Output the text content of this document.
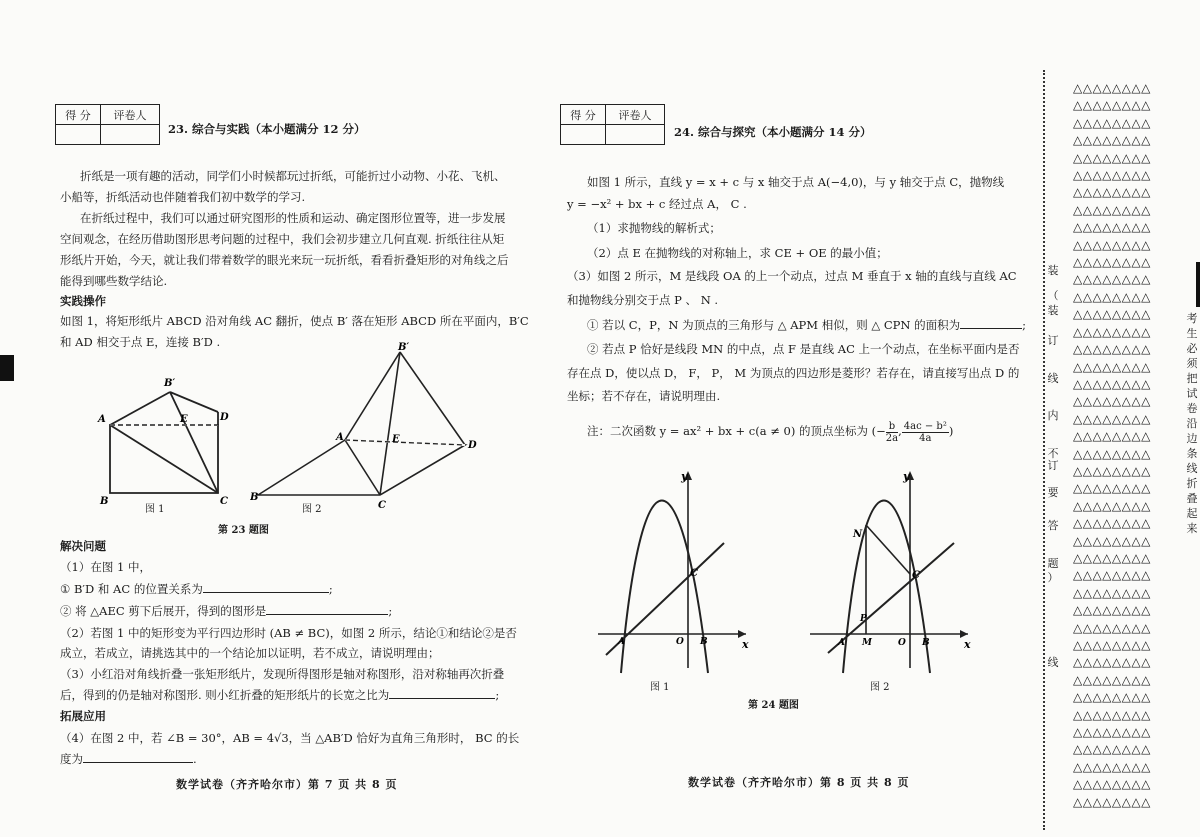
得 分	评卷人

23. 综合与实践（本小题满分 12 分）
折纸是一项有趣的活动，同学们小时候都玩过折纸，可能折过小动物、小花、飞机、
小船等，折纸活动也伴随着我们初中数学的学习.
在折纸过程中，我们可以通过研究图形的性质和运动、确定图形位置等，进一步发展
空间观念，在经历借助图形思考问题的过程中，我们会初步建立几何直观. 折纸往往从矩
形纸片开始，今天，就让我们带着数学的眼光来玩一玩折纸，看看折叠矩形的对角线之后
能得到哪些数学结论.
实践操作
如图 1，将矩形纸片 ABCD 沿对角线 AC 翻折，使点 B′ 落在矩形 ABCD 所在平面内，B′C
和 AD 相交于点 E，连接 B′D .
B′
A	E	D
B	C
图 1
B′
A	E
D
B
C
图 2
第 23 题图
解决问题
（1）在图 1 中，
① B′D 和 AC 的位置关系为	;
② 将 △AEC 剪下后展开，得到的图形是	;
（2）若图 1 中的矩形变为平行四边形时 (AB ≠ BC)，如图 2 所示，结论①和结论②是否
成立，若成立，请挑选其中的一个结论加以证明，若不成立，请说明理由；
（3）小红沿对角线折叠一张矩形纸片，发现所得图形是轴对称图形，沿对称轴再次折叠
后，得到的仍是轴对称图形. 则小红折叠的矩形纸片的长宽之比为	;
拓展应用
（4）在图 2 中，若 ∠B = 30°，AB = 4√3，当 △AB′D 恰好为直角三角形时， BC 的长
度为	.
数学试卷（齐齐哈尔市）第 7 页 共 8 页
得 分	评卷人

24. 综合与探究（本小题满分 14 分）
如图 1 所示，直线 y = x + c 与 x 轴交于点 A(−4,0)，与 y 轴交于点 C，抛物线
y = −x² + bx + c 经过点 A， C .
（1）求抛物线的解析式；
（2）点 E 在抛物线的对称轴上，求 CE + OE 的最小值；
（3）如图 2 所示，M 是线段 OA 的上一个动点，过点 M 垂直于 x 轴的直线与直线 AC
和抛物线分别交于点 P 、 N .
① 若以 C，P，N 为顶点的三角形与 △ APM 相似，则 △ CPN 的面积为	;
② 若点 P 恰好是线段 MN 的中点，点 F 是直线 AC 上一个动点，在坐标平面内是否
存在点 D，使以点 D， F， P， M 为顶点的四边形是菱形？若存在，请直接写出点 D 的
坐标；若不存在，请说明理由.
注：二次函数 y = ax² + bx + c(a ≠ 0) 的顶点坐标为 (− $\frac{b}{2a}$ , $\frac{\text{4ac − b²}}{4a}$ )
y
x
C
A	O B
图 1
y
x
C
N
P
A M	O B
图 2
第 24 题图
数学试卷（齐齐哈尔市）第 8 页 共 8 页
装
（
装
订
线
内
不
要
答
题
）
订
线
△△△△△△△△
△△△△△△△△
△△△△△△△△
△△△△△△△△
△△△△△△△△
△△△△△△△△
△△△△△△△△
△△△△△△△△
△△△△△△△△
△△△△△△△△
△△△△△△△△
△△△△△△△△
△△△△△△△△
△△△△△△△△
△△△△△△△△
△△△△△△△△
△△△△△△△△
△△△△△△△△
△△△△△△△△
△△△△△△△△
△△△△△△△△
△△△△△△△△
△△△△△△△△
△△△△△△△△
△△△△△△△△
△△△△△△△△
△△△△△△△△
△△△△△△△△
△△△△△△△△
△△△△△△△△
△△△△△△△△
△△△△△△△△
△△△△△△△△
△△△△△△△△
△△△△△△△△
△△△△△△△△
△△△△△△△△
△△△△△△△△
△△△△△△△△
△△△△△△△△
△△△△△△△△
△△△△△△△△
考
生
必
须
把
试
卷
沿
边
条
线
折
叠
起
来
